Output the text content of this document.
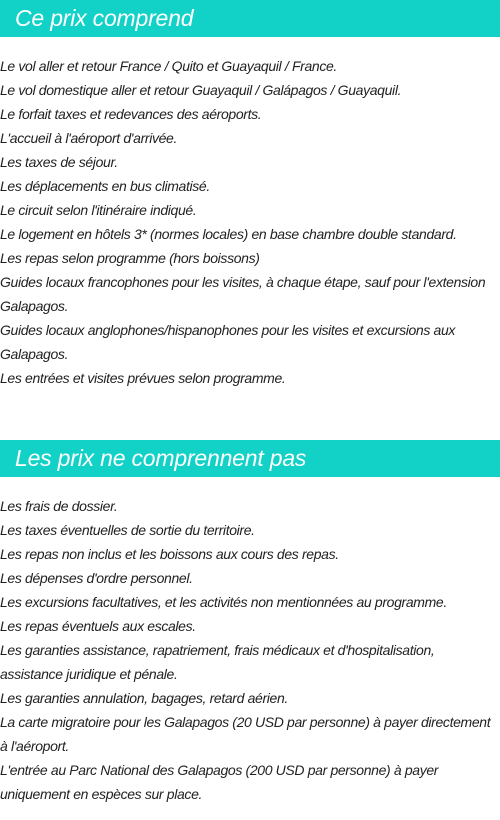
Ce prix comprend
Le vol aller et retour France / Quito et Guayaquil / France.
Le vol domestique aller et retour Guayaquil / Galápagos / Guayaquil.
Le forfait taxes et redevances des aéroports.
L'accueil à l'aéroport d'arrivée.
Les taxes de séjour.
Les déplacements en bus climatisé.
Le circuit selon l'itinéraire indiqué.
Le logement en hôtels 3* (normes locales) en base chambre double standard.
Les repas selon programme (hors boissons)
Guides locaux francophones pour les visites, à chaque étape, sauf pour l'extension Galapagos.
Guides locaux anglophones/hispanophones pour les visites et excursions aux Galapagos.
Les entrées et visites prévues selon programme.
Les prix ne comprennent pas
Les frais de dossier.
Les taxes éventuelles de sortie du territoire.
Les repas non inclus et les boissons aux cours des repas.
Les dépenses d'ordre personnel.
Les excursions facultatives, et les activités non mentionnées au programme.
Les repas éventuels aux escales.
Les garanties assistance, rapatriement, frais médicaux et d'hospitalisation, assistance juridique et pénale.
Les garanties annulation, bagages, retard aérien.
La carte migratoire pour les Galapagos (20 USD par personne) à payer directement à l'aéroport.
L'entrée au Parc National des Galapagos (200 USD par personne) à payer uniquement en espèces sur place.
